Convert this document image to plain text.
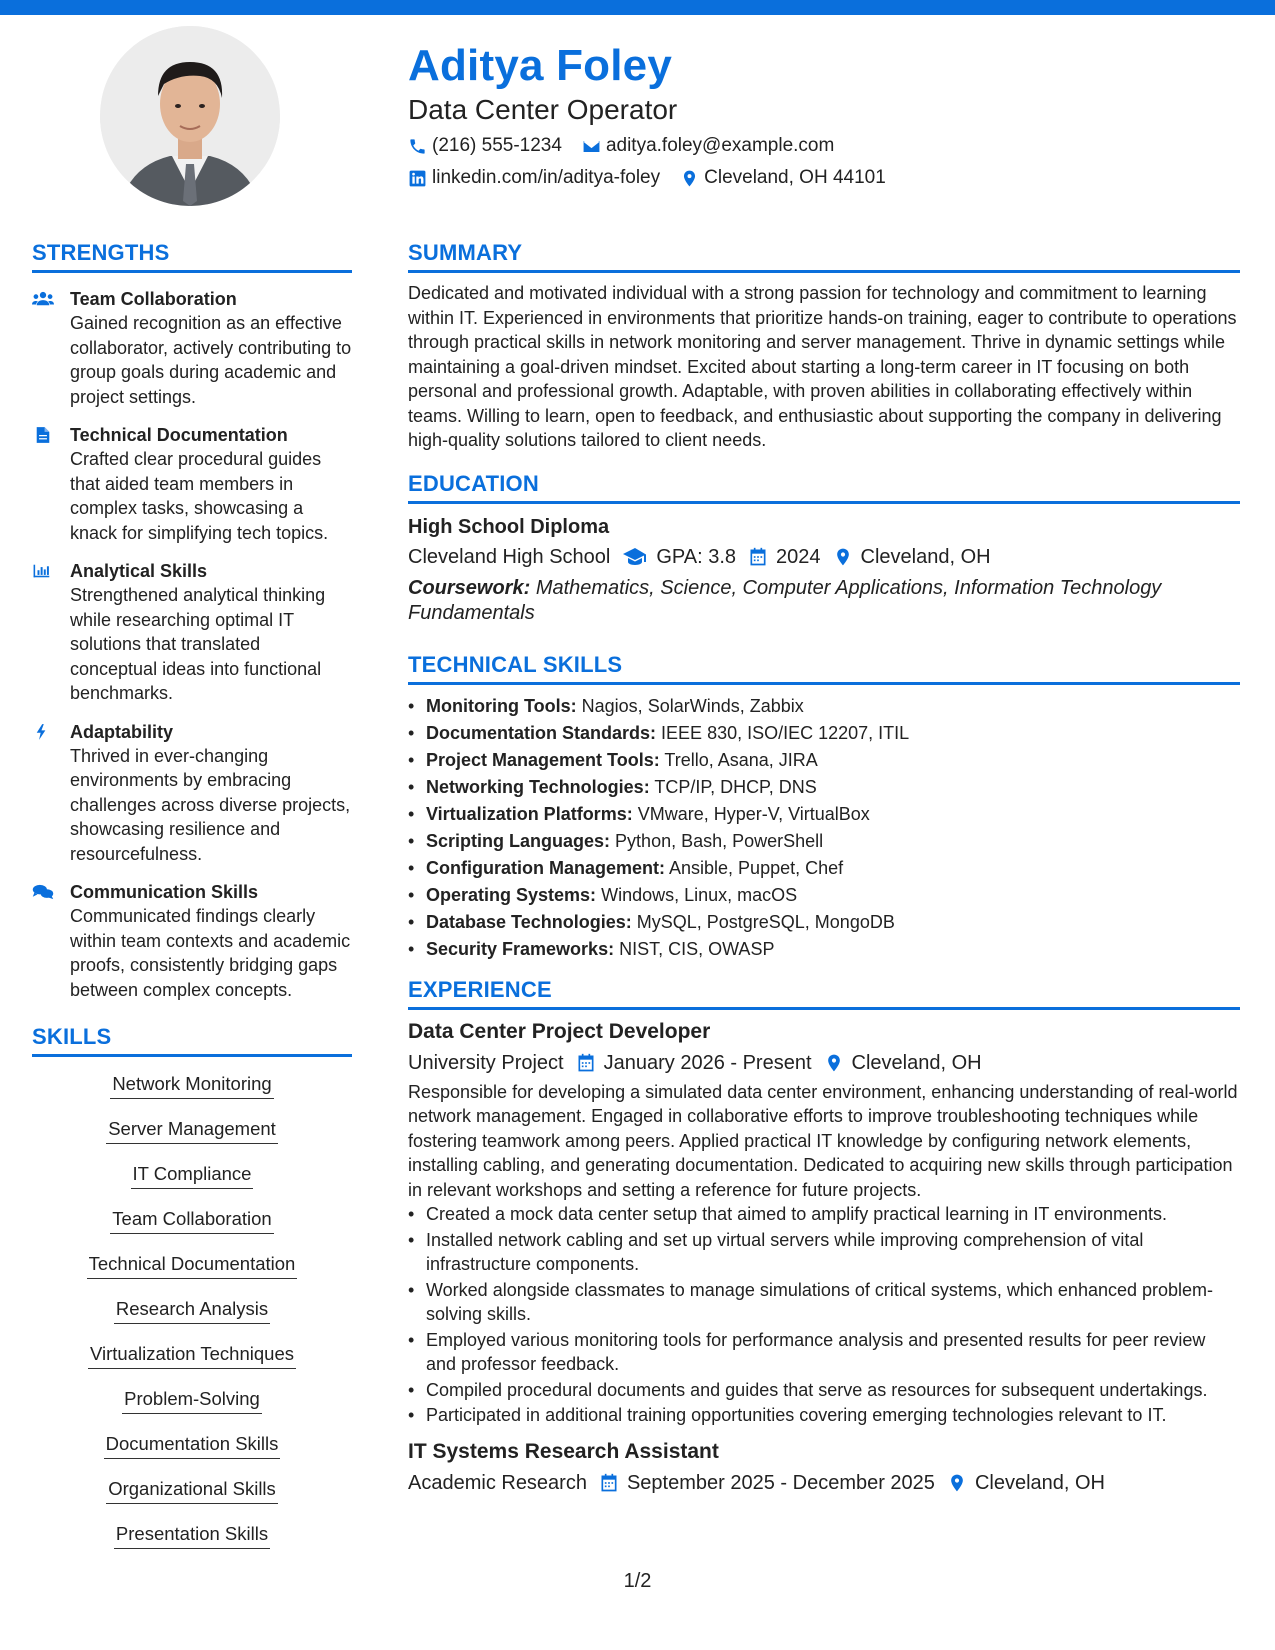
Aditya Foley
Data Center Operator
(216) 555-1234 aditya.foley@example.com
linkedin.com/in/aditya-foley Cleveland, OH 44101
STRENGTHS
Team Collaboration
Gained recognition as an effective collaborator, actively contributing to group goals during academic and project settings.
Technical Documentation
Crafted clear procedural guides that aided team members in complex tasks, showcasing a knack for simplifying tech topics.
Analytical Skills
Strengthened analytical thinking while researching optimal IT solutions that translated conceptual ideas into functional benchmarks.
Adaptability
Thrived in ever-changing environments by embracing challenges across diverse projects, showcasing resilience and resourcefulness.
Communication Skills
Communicated findings clearly within team contexts and academic proofs, consistently bridging gaps between complex concepts.
SKILLS
Network Monitoring
Server Management
IT Compliance
Team Collaboration
Technical Documentation
Research Analysis
Virtualization Techniques
Problem-Solving
Documentation Skills
Organizational Skills
Presentation Skills
SUMMARY

Dedicated and motivated individual with a strong passion for technology and commitment to learning within IT. Experienced in environments that prioritize hands-on training, eager to contribute to operations through practical skills in network monitoring and server management. Thrive in dynamic settings while maintaining a goal-driven mindset. Excited about starting a long-term career in IT focusing on both personal and professional growth. Adaptable, with proven abilities in collaborating effectively within teams. Willing to learn, open to feedback, and enthusiastic about supporting the company in delivering high-quality solutions tailored to client needs.

EDUCATION
High School Diploma
Cleveland High School GPA: 3.8 2024 Cleveland, OH
Coursework: Mathematics, Science, Computer Applications, Information Technology Fundamentals
TECHNICAL SKILLS
• Monitoring Tools: Nagios, SolarWinds, Zabbix
• Documentation Standards: IEEE 830, ISO/IEC 12207, ITIL
• Project Management Tools: Trello, Asana, JIRA
• Networking Technologies: TCP/IP, DHCP, DNS
• Virtualization Platforms: VMware, Hyper-V, VirtualBox
• Scripting Languages: Python, Bash, PowerShell
• Configuration Management: Ansible, Puppet, Chef
• Operating Systems: Windows, Linux, macOS
• Database Technologies: MySQL, PostgreSQL, MongoDB
• Security Frameworks: NIST, CIS, OWASP
EXPERIENCE
Data Center Project Developer
University Project January 2026 - Present Cleveland, OH

Responsible for developing a simulated data center environment, enhancing understanding of real-world network management. Engaged in collaborative efforts to improve troubleshooting techniques while fostering teamwork among peers. Applied practical IT knowledge by configuring network elements, installing cabling, and generating documentation. Dedicated to acquiring new skills through participation in relevant workshops and setting a reference for future projects.

• Created a mock data center setup that aimed to amplify practical learning in IT environments.
• Installed network cabling and set up virtual servers while improving comprehension of vital infrastructure components.
• Worked alongside classmates to manage simulations of critical systems, which enhanced problem-solving skills.
• Employed various monitoring tools for performance analysis and presented results for peer review and professor feedback.
• Compiled procedural documents and guides that serve as resources for subsequent undertakings.
• Participated in additional training opportunities covering emerging technologies relevant to IT.
IT Systems Research Assistant
Academic Research September 2025 - December 2025 Cleveland, OH
1/2
